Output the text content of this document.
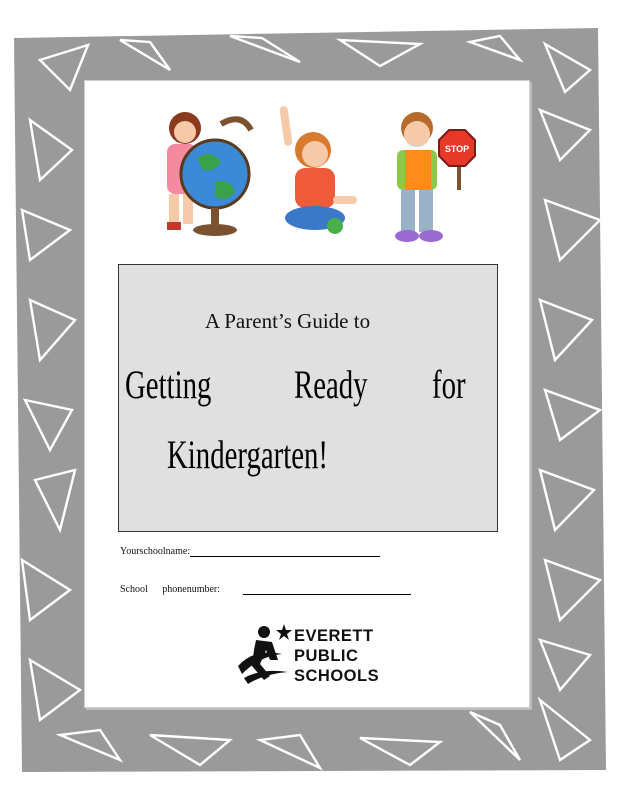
STOP
A Parent’s Guide to
Getting Ready for
Kindergarten!
Yourschoolname:
School phonenumber:
EVERETT
PUBLIC
SCHOOLS
